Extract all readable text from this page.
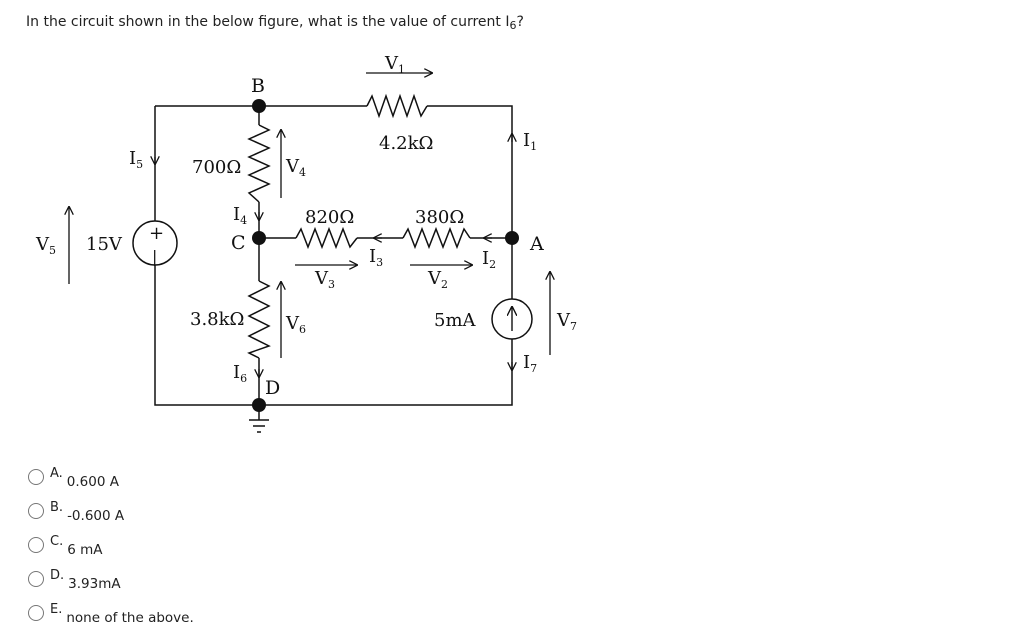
In the circuit shown in the below figure, what is the value of current $I_6$?
+
|
B
C	A
D
4.2kΩ
700Ω
820Ω	380Ω
3.8kΩ
15V
5mA
$V_1$
$V_2$
$V_3$
$V_4$
$V_5$
$V_6$	$V_7$
$I_1$
$I_2$
$I_3$
$I_4$
$I_5$
$I_6$
$I_7$
A.
0.600 A
B.
-0.600 A
C.
6 mA
D.
3.93mA
E.
none of the above.
